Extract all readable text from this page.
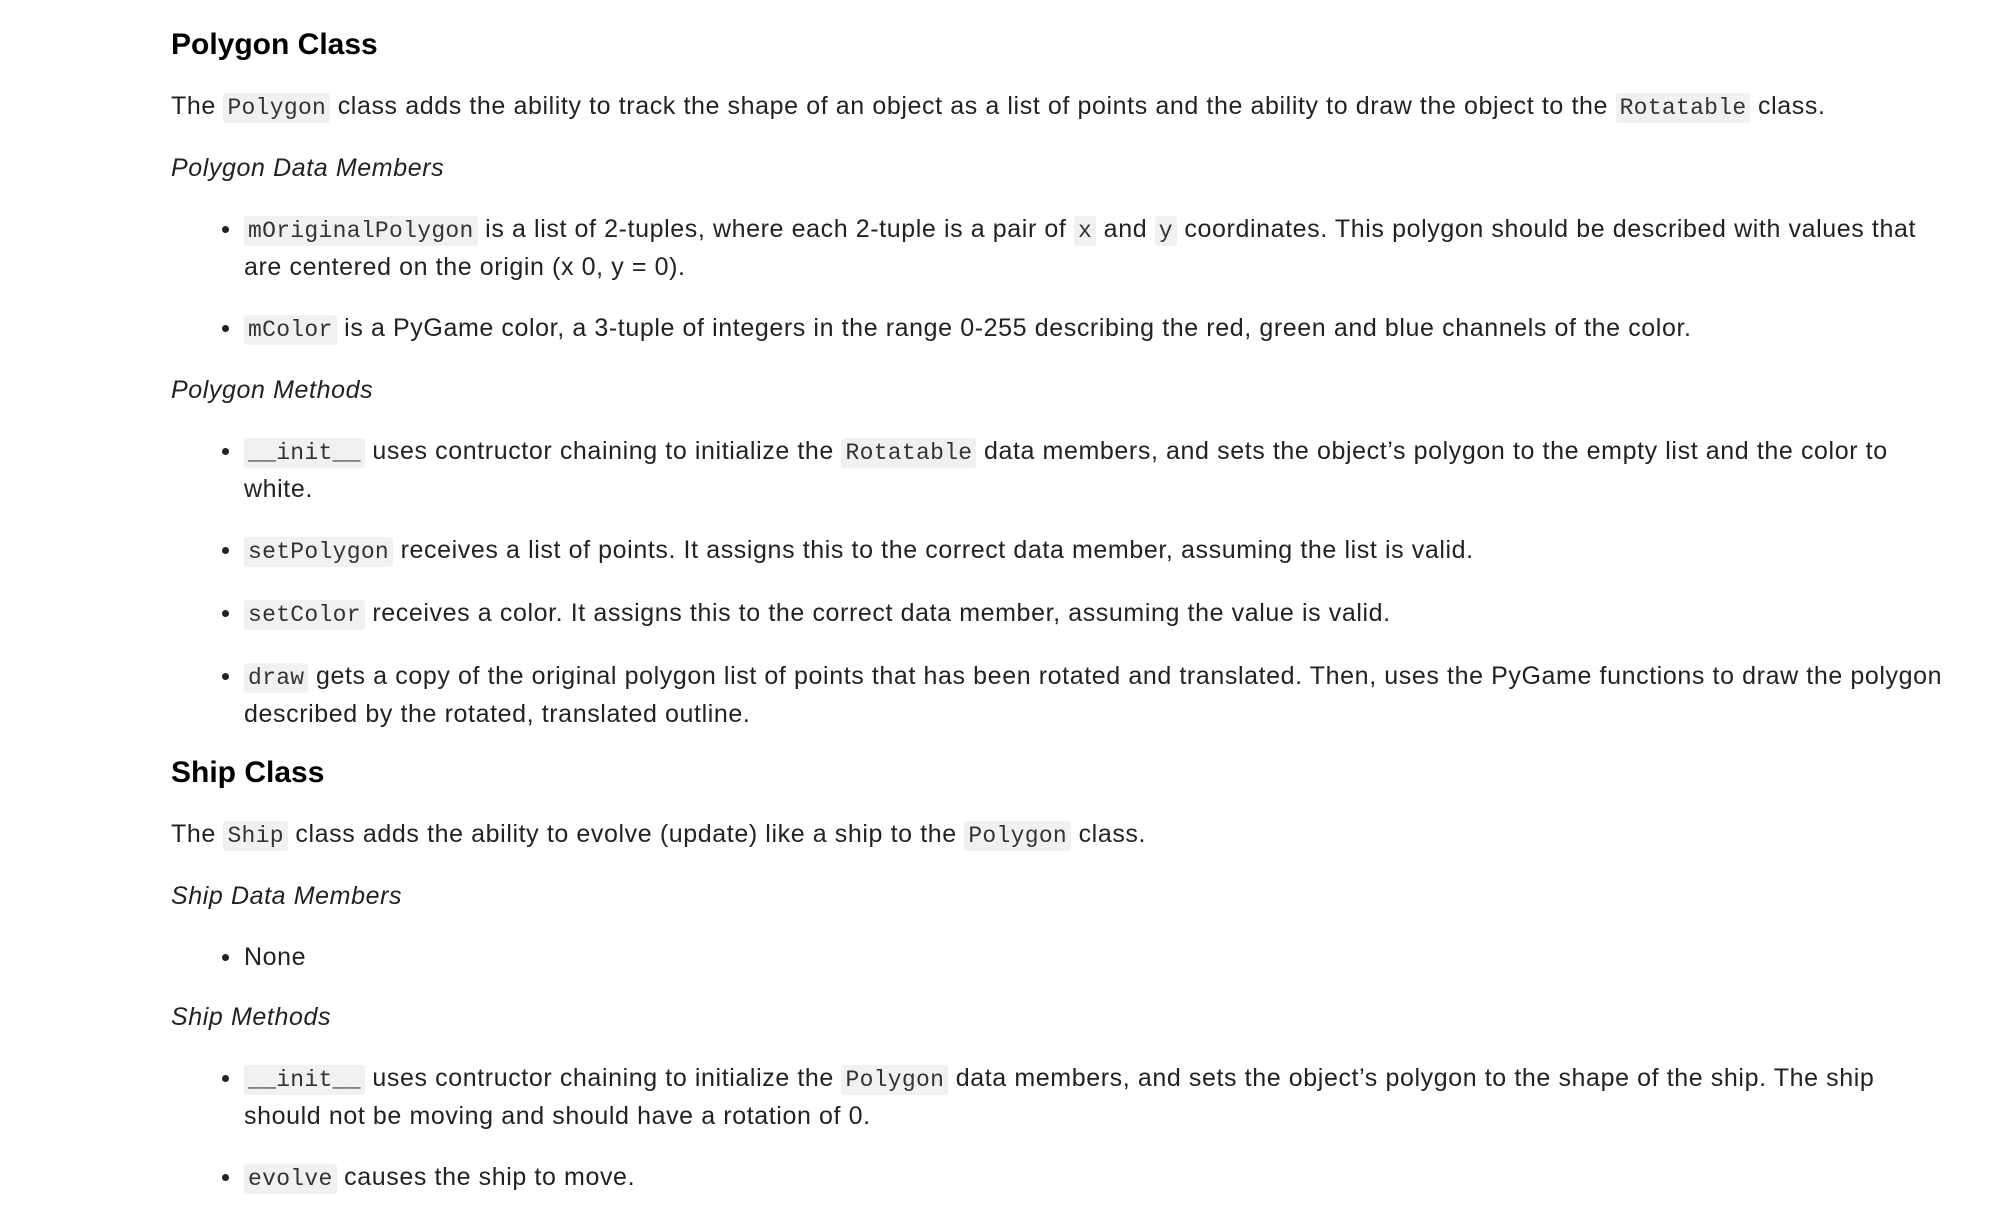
Polygon Class

The Polygon class adds the ability to track the shape of an object as a list of points and the ability to draw the object to the Rotatable class.

Polygon Data Members

mOriginalPolygon is a list of 2-tuples, where each 2-tuple is a pair of x and y coordinates. This polygon should be described with values that are centered on the origin (x 0, y = 0).
mColor is a PyGame color, a 3-tuple of integers in the range 0-255 describing the red, green and blue channels of the color.

Polygon Methods

__init__ uses contructor chaining to initialize the Rotatable data members, and sets the object’s polygon to the empty list and the color to white.
setPolygon receives a list of points. It assigns this to the correct data member, assuming the list is valid.
setColor receives a color. It assigns this to the correct data member, assuming the value is valid.
draw gets a copy of the original polygon list of points that has been rotated and translated. Then, uses the PyGame functions to draw the polygon described by the rotated, translated outline.
Ship Class

The Ship class adds the ability to evolve (update) like a ship to the Polygon class.

Ship Data Members

None

Ship Methods

__init__ uses contructor chaining to initialize the Polygon data members, and sets the object’s polygon to the shape of the ship. The ship should not be moving and should have a rotation of 0.
evolve causes the ship to move.
